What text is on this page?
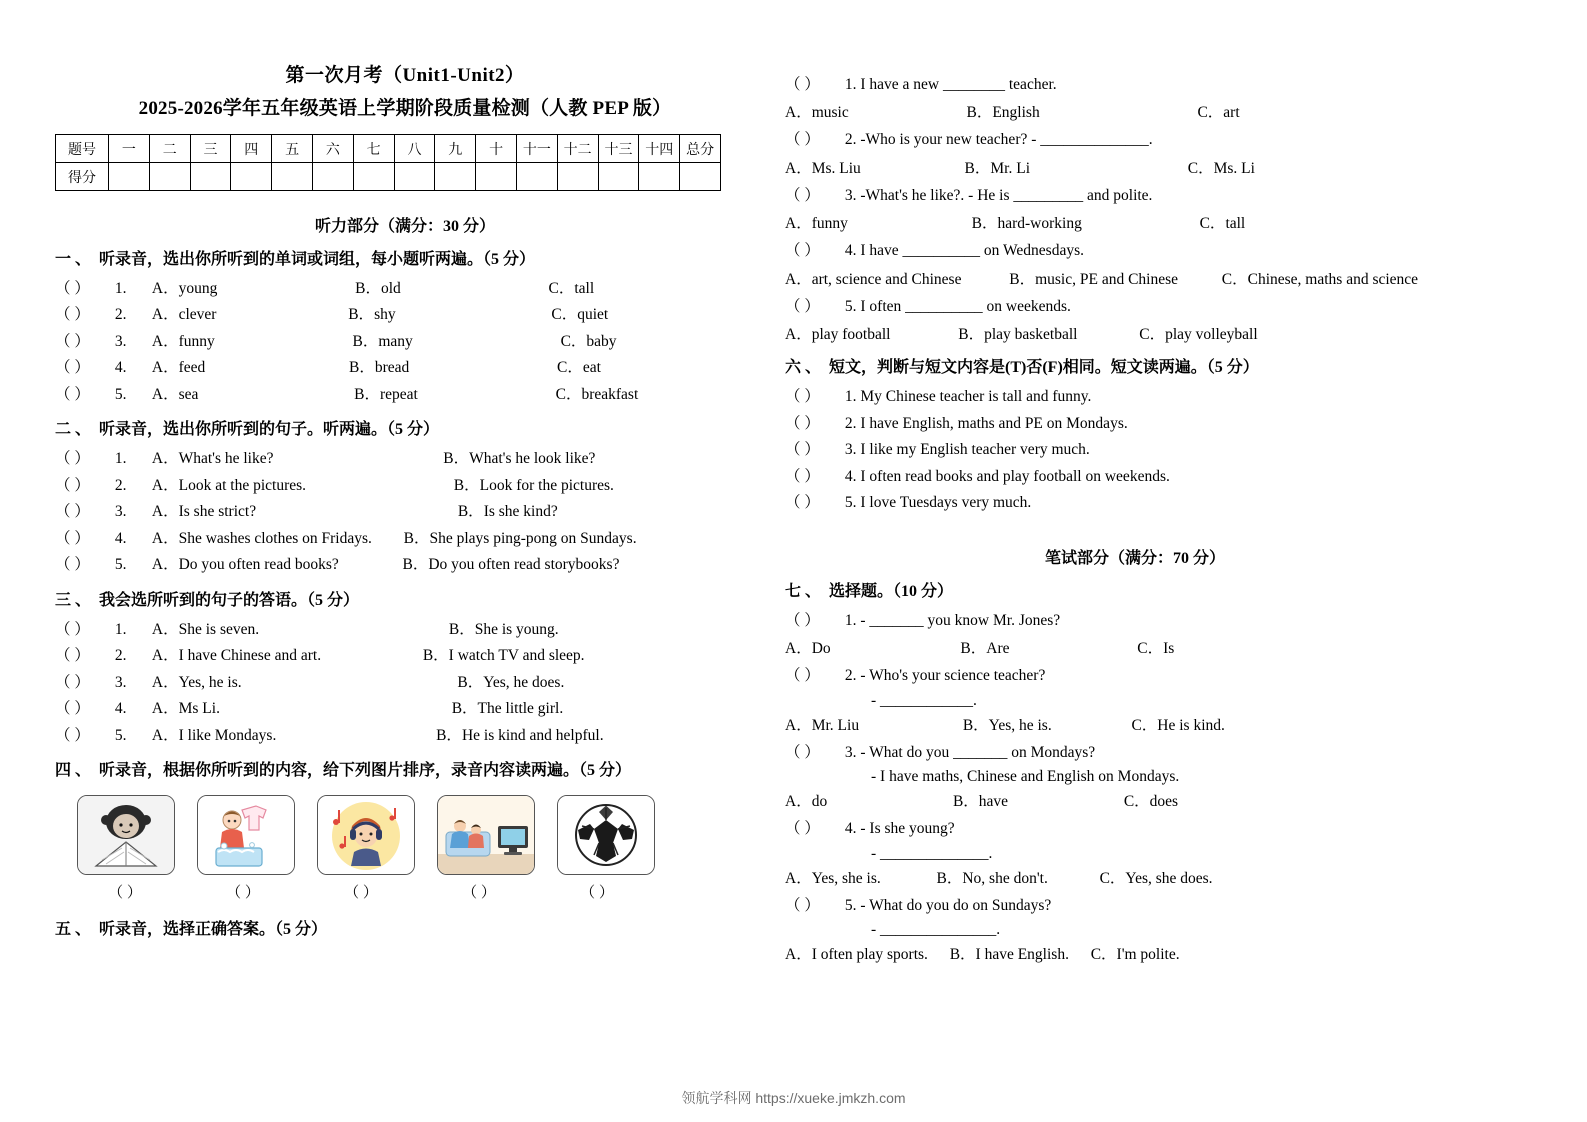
第一次月考（Unit1-Unit2）
2025-2026学年五年级英语上学期阶段质量检测（人教 PEP 版）
题号	一	二	三	四	五	六	七	八	九	十	十一	十二	十三	十四	总分
得分															
听力部分（满分：30 分）
一、 听录音，选出你所听到的单词或词组，每小题听两遍。（5 分）
（ ） 1. A．young	B．old	C．tall
（ ） 2. A．clever	B．shy	C．quiet
（ ） 3. A．funny	B．many	C．baby
（ ） 4. A．feed	B．bread	C．eat
（ ） 5. A．sea	B．repeat	C．breakfast
二、 听录音，选出你所听到的句子。听两遍。（5 分）
（ ） 1. A．What's he like?	B．What's he look like?
（ ） 2. A．Look at the pictures.	B．Look for the pictures.
（ ） 3. A．Is she strict?	B．Is she kind?
（ ） 4. A．She washes clothes on Fridays. B．She plays ping-pong on Sundays.
（ ） 5. A．Do you often read books?	B．Do you often read storybooks?
三、 我会选所听到的句子的答语。（5 分）
（ ） 1. A．She is seven.	B．She is young.
（ ） 2. A．I have Chinese and art.	B．I watch TV and sleep.
（ ） 3. A．Yes, he is.	B．Yes, he does.
（ ） 4. A．Ms Li.	B．The little girl.
（ ） 5. A．I like Mondays.	B．He is kind and helpful.
四、 听录音，根据你所听到的内容，给下列图片排序，录音内容读两遍。（5 分）
（ ）	（ ）	（ ）	（ ）	（ ）
五、 听录音，选择正确答案。（5 分）
（ ） 1. I have a new ________ teacher.
A．music	B．English	C．art
（ ） 2. -Who is your new teacher? - ______________.
A．Ms. Liu	B．Mr. Li	C．Ms. Li
（ ） 3. -What's he like?. - He is _________ and polite.
A．funny	B．hard-working	C．tall
（ ） 4. I have __________ on Wednesdays.
A．art, science and Chinese	B．music, PE and Chinese	C．Chinese, maths and science
（ ） 5. I often __________ on weekends.
A．play football	B．play basketball	C．play volleyball
六、 短文，判断与短文内容是(T)否(F)相同。短文读两遍。（5 分）
（ ） 1. My Chinese teacher is tall and funny.
（ ） 2. I have English, maths and PE on Mondays.
（ ） 3. I like my English teacher very much.
（ ） 4. I often read books and play football on weekends.
（ ） 5. I love Tuesdays very much.
笔试部分（满分：70 分）
七、 选择题。（10 分）
（ ） 1. - _______ you know Mr. Jones?
A．Do	B．Are	C．Is
（ ） 2. - Who's your science teacher?
- ____________.
A．Mr. Liu	B．Yes, he is.	C．He is kind.
（ ） 3. - What do you _______ on Mondays?
- I have maths, Chinese and English on Mondays.
A．do	B．have	C．does
（ ） 4. - Is she young?
- ______________.
A．Yes, she is.	B．No, she don't.	C．Yes, she does.
（ ） 5. - What do you do on Sundays?
- _______________.
A．I often play sports. B．I have English. C．I'm polite.
领航学科网 https://xueke.jmkzh.com
